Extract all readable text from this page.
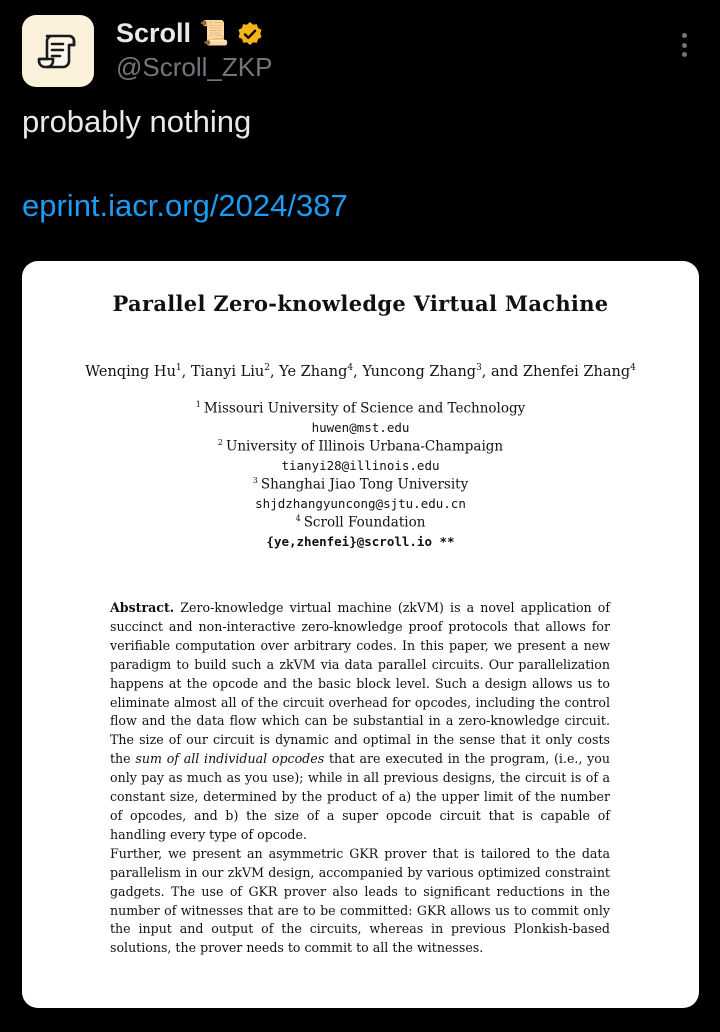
Scroll 📜
@Scroll_ZKP
probably nothing
eprint.iacr.org/2024/387
Parallel Zero-knowledge Virtual Machine
Wenqing Hu$^1$, Tianyi Liu$^2$, Ye Zhang$^4$, Yuncong Zhang$^3$, and Zhenfei Zhang$^4$
$^1$ Missouri University of Science and Technology
huwen@mst.edu
$^2$ University of Illinois Urbana-Champaign
tianyi28@illinois.edu
$^3$ Shanghai Jiao Tong University
shjdzhangyuncong@sjtu.edu.cn
$^4$ Scroll Foundation
{ye,zhenfei}@scroll.io **
Abstract. Zero-knowledge virtual machine (zkVM) is a novel application of succinct and non-interactive zero-knowledge proof protocols that allows for verifiable computation over arbitrary codes. In this paper, we present a new paradigm to build such a zkVM via data parallel circuits. Our parallelization happens at the opcode and the basic block level. Such a design allows us to eliminate almost all of the circuit overhead for opcodes, including the control flow and the data flow which can be substantial in a zero-knowledge circuit. The size of our circuit is dynamic and optimal in the sense that it only costs the sum of all individual opcodes that are executed in the program, (i.e., you only pay as much as you use); while in all previous designs, the circuit is of a constant size, determined by the product of a) the upper limit of the number of opcodes, and b) the size of a super opcode circuit that is capable of handling every type of opcode.
Further, we present an asymmetric GKR prover that is tailored to the data parallelism in our zkVM design, accompanied by various optimized constraint gadgets. The use of GKR prover also leads to significant reductions in the number of witnesses that are to be committed: GKR allows us to commit only the input and output of the circuits, whereas in previous Plonkish-based solutions, the prover needs to commit to all the witnesses.
